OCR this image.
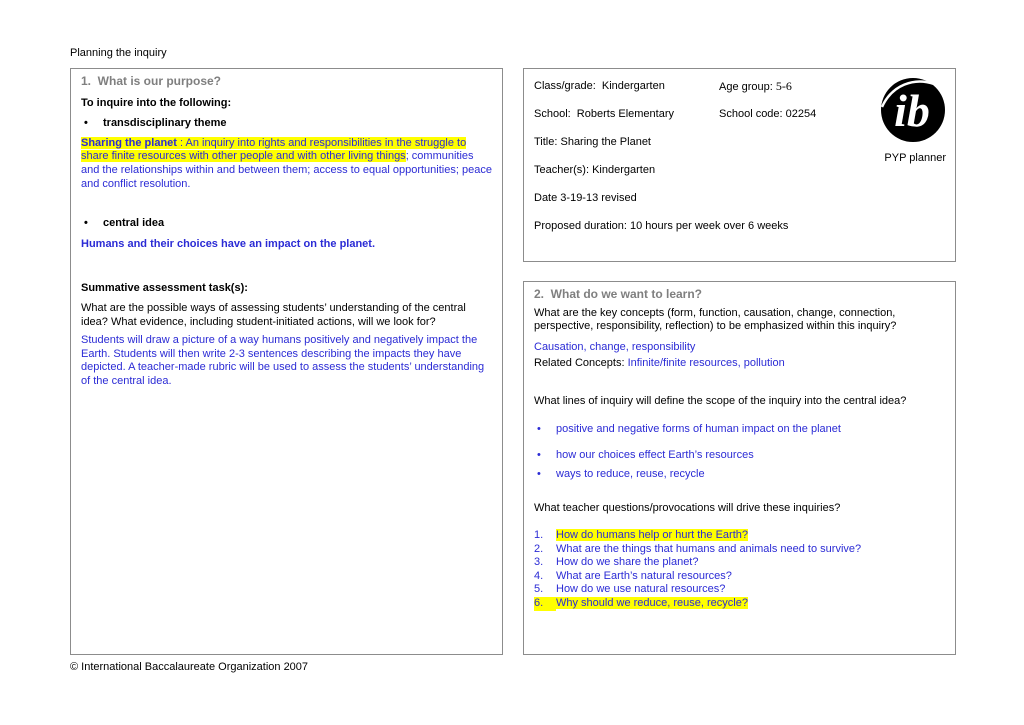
Planning the inquiry
1.  What is our purpose?

To inquire into the following:

•
transdisciplinary theme

Sharing the planet : An inquiry into rights and responsibilities in the struggle to share finite resources with other people and with other living things; communities and the relationships within and between them; access to equal opportunities; peace and conflict resolution.

•
central idea

Humans and their choices have an impact on the planet.

Summative assessment task(s):

What are the possible ways of assessing students’ understanding of the central idea? What evidence, including student-initiated actions, will we look for?

Students will draw a picture of a way humans positively and negatively impact the Earth. Students will then write 2-3 sentences describing the impacts they have depicted. A teacher-made rubric will be used to assess the students’ understanding of the central idea.

Class/grade:  Kindergarten	Age group: 5-6
School:  Roberts Elementary	School code: 02254
Title: Sharing the Planet
Teacher(s): Kindergarten
Date 3-19-13 revised
Proposed duration: 10 hours per week over 6 weeks
ib
PYP planner
2.  What do we want to learn?

What are the key concepts (form, function, causation, change, connection, perspective, responsibility, reflection) to be emphasized within this inquiry?

Causation, change, responsibility

Related Concepts: Infinite/finite resources, pollution

What lines of inquiry will define the scope of the inquiry into the central idea?

•
positive and negative forms of human impact on the planet
•
how our choices effect Earth’s resources
•
ways to reduce, reuse, recycle

What teacher questions/provocations will drive these inquiries?

1. How do humans help or hurt the Earth?
2. What are the things that humans and animals need to survive?
3. How do we share the planet?
4. What are Earth’s natural resources?
5. How do we use natural resources?
6. Why should we reduce, reuse, recycle?
© International Baccalaureate Organization 2007
